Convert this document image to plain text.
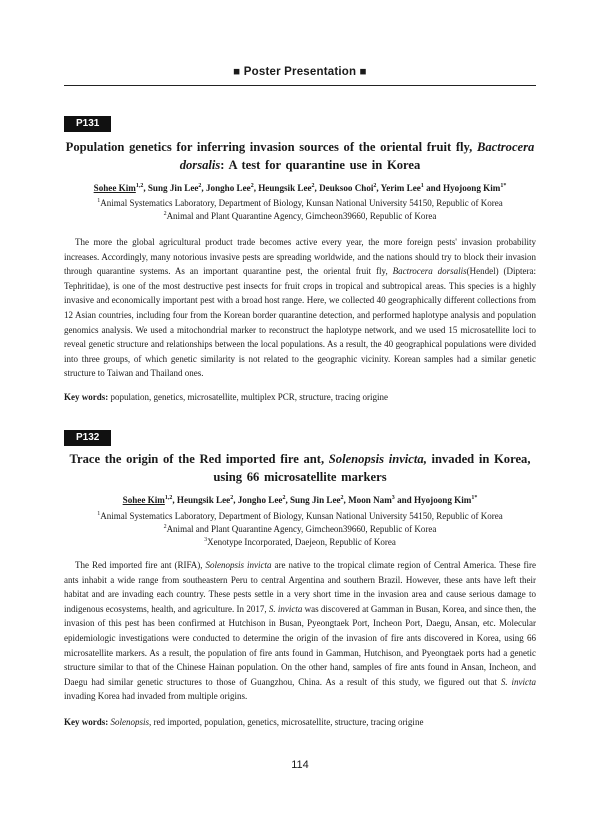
■ Poster Presentation ■
P131
Population genetics for inferring invasion sources of the oriental fruit fly, Bactrocera dorsalis: A test for quarantine use in Korea
Sohee Kim$^{1,2}$, Sung Jin Lee$^2$, Jongho Lee$^2$, Heungsik Lee$^2$, Deuksoo Choi$^2$, Yerim Lee$^1$ and Hyojoong Kim$^{1*}$
$^1$Animal Systematics Laboratory, Department of Biology, Kunsan National University 54150, Republic of Korea
$^2$Animal and Plant Quarantine Agency, Gimcheon39660, Republic of Korea

The more the global agricultural product trade becomes active every year, the more foreign pests' invasion probability increases. Accordingly, many notorious invasive pests are spreading worldwide, and the nations should try to block their invasion through quarantine systems. As an important quarantine pest, the oriental fruit fly, Bactrocera dorsalis(Hendel) (Diptera: Tephritidae), is one of the most destructive pest insects for fruit crops in tropical and subtropical areas. This species is a highly invasive and economically important pest with a broad host range. Here, we collected 40 geographically different collections from 12 Asian countries, including four from the Korean border quarantine detection, and performed haplotype analysis and population genomics analysis. We used a mitochondrial marker to reconstruct the haplotype network, and we used 15 microsatellite loci to reveal genetic structure and relationships between the local populations. As a result, the 40 geographical populations were divided into three groups, of which genetic similarity is not related to the geographic vicinity. Korean samples had a similar genetic structure to Taiwan and Thailand ones.

Key words: population, genetics, microsatellite, multiplex PCR, structure, tracing origine
P132
Trace the origin of the Red imported fire ant, Solenopsis invicta, invaded in Korea, using 66 microsatellite markers
Sohee Kim$^{1,2}$, Heungsik Lee$^2$, Jongho Lee$^2$, Sung Jin Lee$^2$, Moon Nam$^3$ and Hyojoong Kim$^{1*}$
$^1$Animal Systematics Laboratory, Department of Biology, Kunsan National University 54150, Republic of Korea
$^2$Animal and Plant Quarantine Agency, Gimcheon39660, Republic of Korea
$^3$Xenotype Incorporated, Daejeon, Republic of Korea

The Red imported fire ant (RIFA), Solenopsis invicta are native to the tropical climate region of Central America. These fire ants inhabit a wide range from southeastern Peru to central Argentina and southern Brazil. However, these ants have left their habitat and are invading each country. These pests settle in a very short time in the invasion area and cause serious damage to indigenous ecosystems, health, and agriculture. In 2017, S. invicta was discovered at Gamman in Busan, Korea, and since then, the invasion of this pest has been confirmed at Hutchison in Busan, Pyeongtaek Port, Incheon Port, Daegu, Ansan, etc. Molecular epidemiologic investigations were conducted to determine the origin of the invasion of fire ants discovered in Korea, using 66 microsatellite markers. As a result, the population of fire ants found in Gamman, Hutchison, and Pyeongtaek ports had a genetic structure similar to that of the Chinese Hainan population. On the other hand, samples of fire ants found in Ansan, Incheon, and Daegu had similar genetic structures to those of Guangzhou, China. As a result of this study, we figured out that S. invicta invading Korea had invaded from multiple origins.

Key words: Solenopsis, red imported, population, genetics, microsatellite, structure, tracing origine
114
